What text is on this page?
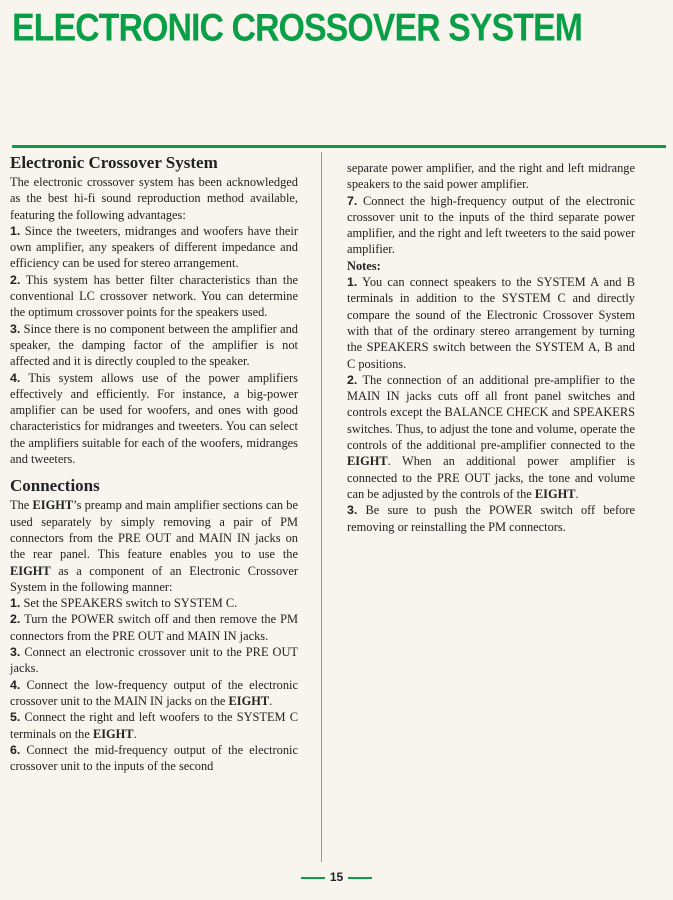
ELECTRONIC CROSSOVER SYSTEM
Electronic Crossover System

The electronic crossover system has been acknowledged as the best hi-fi sound reproduction method available, featuring the following advantages:

1. Since the tweeters, midranges and woofers have their own amplifier, any speakers of different impedance and efficiency can be used for stereo arrangement.

2. This system has better filter characteristics than the conventional LC crossover network. You can determine the optimum crossover points for the speakers used.

3. Since there is no component between the amplifier and speaker, the damping factor of the amplifier is not affected and it is directly coupled to the speaker.

4. This system allows use of the power amplifiers effectively and efficiently. For instance, a big-power amplifier can be used for woofers, and ones with good characteristics for midranges and tweeters. You can select the amplifiers suitable for each of the woofers, midranges and tweeters.

Connections

The EIGHT’s preamp and main amplifier sections can be used separately by simply removing a pair of PM connectors from the PRE OUT and MAIN IN jacks on the rear panel. This feature enables you to use the EIGHT as a component of an Electronic Crossover System in the following manner:

1. Set the SPEAKERS switch to SYSTEM C.

2. Turn the POWER switch off and then remove the PM connectors from the PRE OUT and MAIN IN jacks.

3. Connect an electronic crossover unit to the PRE OUT jacks.

4. Connect the low-frequency output of the electronic crossover unit to the MAIN IN jacks on the EIGHT.

5. Connect the right and left woofers to the SYSTEM C terminals on the EIGHT.

6. Connect the mid-frequency output of the electronic crossover unit to the inputs of the second

separate power amplifier, and the right and left midrange speakers to the said power amplifier.

7. Connect the high-frequency output of the electronic crossover unit to the inputs of the third separate power amplifier, and the right and left tweeters to the said power amplifier.

Notes:

1. You can connect speakers to the SYSTEM A and B terminals in addition to the SYSTEM C and directly compare the sound of the Electronic Crossover System with that of the ordinary stereo arrangement by turning the SPEAKERS switch between the SYSTEM A, B and C positions.

2. The connection of an additional pre-amplifier to the MAIN IN jacks cuts off all front panel switches and controls except the BALANCE CHECK and SPEAKERS switches. Thus, to adjust the tone and volume, operate the controls of the additional pre-amplifier connected to the EIGHT. When an additional power amplifier is connected to the PRE OUT jacks, the tone and volume can be adjusted by the controls of the EIGHT.

3. Be sure to push the POWER switch off before removing or reinstalling the PM connectors.

15
